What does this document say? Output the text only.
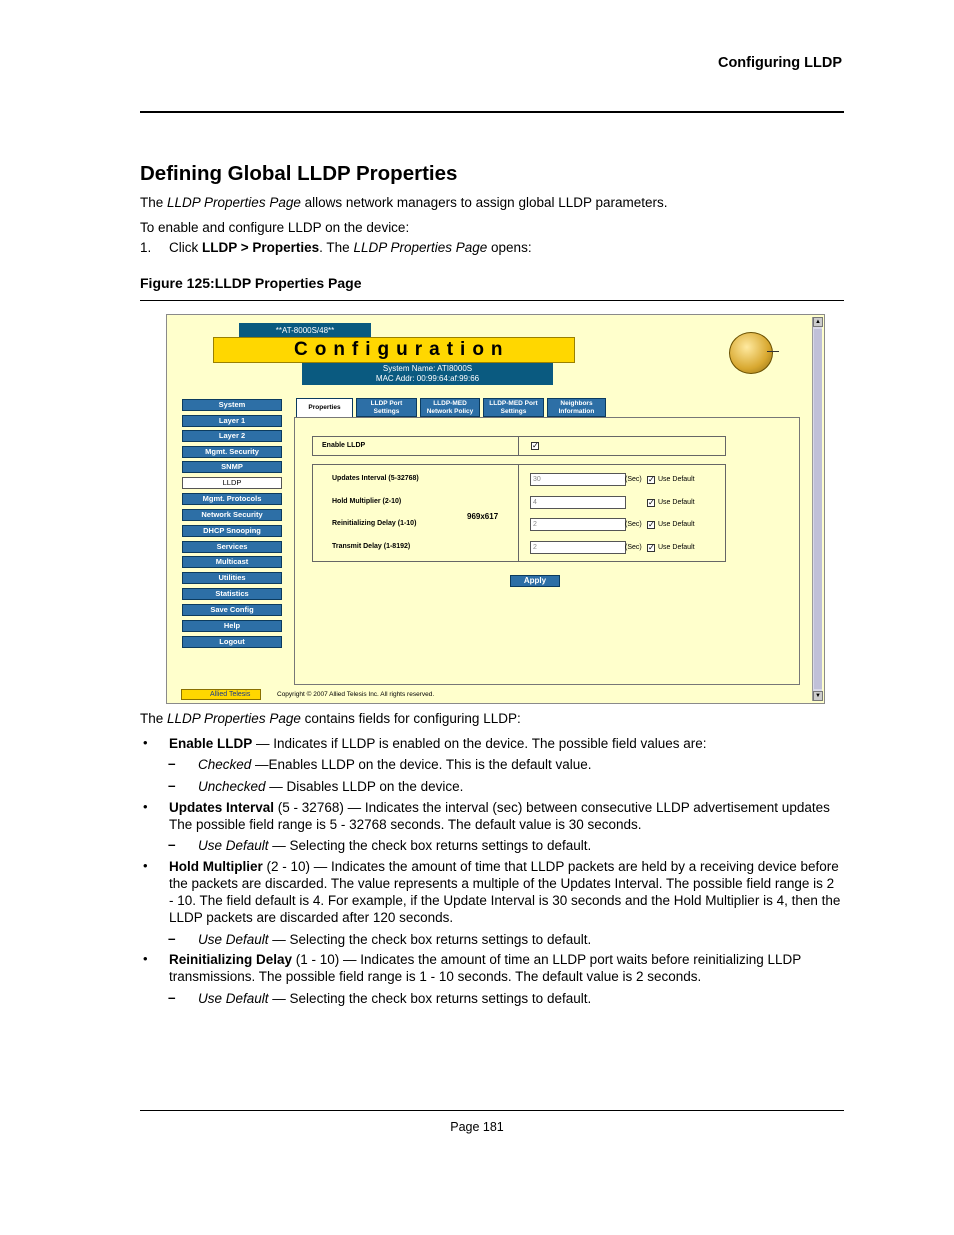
Configuring LLDP
Defining Global LLDP Properties
The LLDP Properties Page allows network managers to assign global LLDP parameters.
To enable and configure LLDP on the device:
1. Click LLDP > Properties. The LLDP Properties Page opens:
Figure 125:LLDP Properties Page
**AT-8000S/48**
Configuration
System Name: ATI8000S
MAC Addr: 00:99:64:af:99:66
System
Layer 1
Layer 2
Mgmt. Security
SNMP
LLDP
Mgmt. Protocols
Network Security
DHCP Snooping
Services
Multicast
Utilities
Statistics
Save Config
Help
Logout
Properties
LLDP Port
Settings
LLDP-MED
Network Policy
LLDP-MED Port
Settings
Neighbors
Information
Enable LLDP	✓
Updates Interval (5-32768)	30	(Sec) ✓ Use Default
Hold Multiplier (2-10)	4	✓ Use Default
Reinitializing Delay (1-10)	2	(Sec) ✓ Use Default
Transmit Delay (1-8192)	2	(Sec) ✓ Use Default
969x617
Apply
▲
▼
Allied Telesis	Copyright © 2007 Allied Telesis Inc. All rights reserved.
The LLDP Properties Page contains fields for configuring LLDP:
• Enable LLDP — Indicates if LLDP is enabled on the device. The possible field values are:
– Checked —Enables LLDP on the device. This is the default value.
– Unchecked — Disables LLDP on the device.
• Updates Interval (5 - 32768) — Indicates the interval (sec) between consecutive LLDP advertisement updates The possible field range is 5 - 32768 seconds. The default value is 30 seconds.
– Use Default — Selecting the check box returns settings to default.
• Hold Multiplier (2 - 10) — Indicates the amount of time that LLDP packets are held by a receiving device before the packets are discarded. The value represents a multiple of the Updates Interval. The possible field range is 2 - 10. The field default is 4. For example, if the Update Interval is 30 seconds and the Hold Multiplier is 4, then the LLDP packets are discarded after 120 seconds.
– Use Default — Selecting the check box returns settings to default.
• Reinitializing Delay (1 - 10) — Indicates the amount of time an LLDP port waits before reinitializing LLDP transmissions. The possible field range is 1 - 10 seconds. The default value is 2 seconds.
– Use Default — Selecting the check box returns settings to default.
Page 181
